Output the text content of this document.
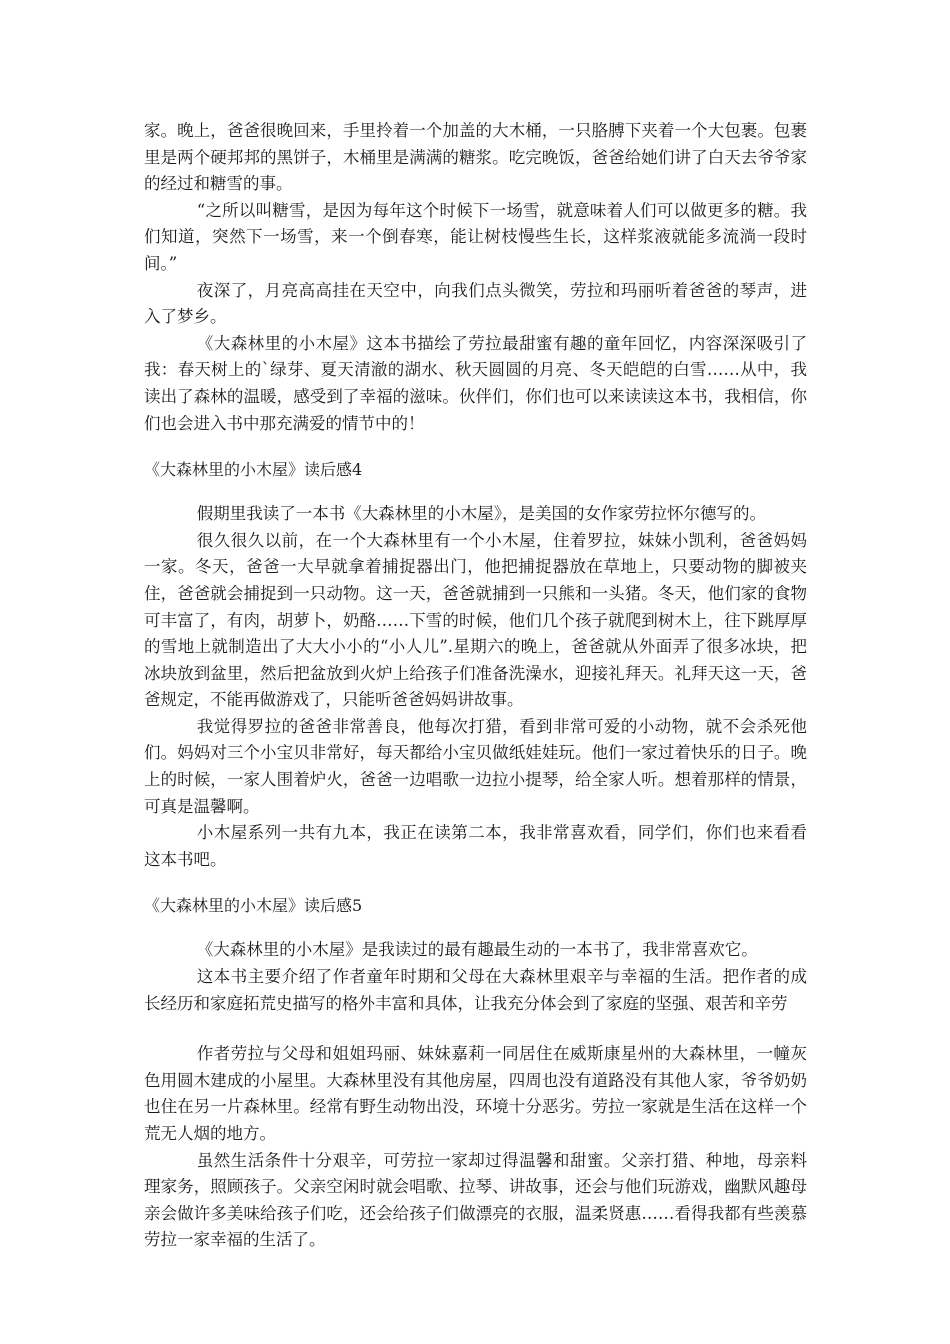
家。晚上，爸爸很晚回来，手里拎着一个加盖的大木桶，一只胳膊下夹着一个大包裹。包裹里是两个硬邦邦的黑饼子，木桶里是满满的糖浆。吃完晚饭，爸爸给她们讲了白天去爷爷家的经过和糖雪的事。

“之所以叫糖雪，是因为每年这个时候下一场雪，就意味着人们可以做更多的糖。我们知道，突然下一场雪，来一个倒春寒，能让树枝慢些生长，这样浆液就能多流淌一段时间。”

夜深了，月亮高高挂在天空中，向我们点头微笑，劳拉和玛丽听着爸爸的琴声，进入了梦乡。

《大森林里的小木屋》这本书描绘了劳拉最甜蜜有趣的童年回忆，内容深深吸引了我：春天树上的`绿芽、夏天清澈的湖水、秋天圆圆的月亮、冬天皑皑的白雪……从中，我读出了森林的温暖，感受到了幸福的滋味。伙伴们，你们也可以来读读这本书，我相信，你们也会进入书中那充满爱的情节中的！

《大森林里的小木屋》读后感4

假期里我读了一本书《大森林里的小木屋》，是美国的女作家劳拉怀尔德写的。

很久很久以前，在一个大森林里有一个小木屋，住着罗拉，妹妹小凯利，爸爸妈妈一家。冬天，爸爸一大早就拿着捕捉器出门，他把捕捉器放在草地上，只要动物的脚被夹住，爸爸就会捕捉到一只动物。这一天，爸爸就捕到一只熊和一头猪。冬天，他们家的食物可丰富了，有肉，胡萝卜，奶酪……下雪的时候，他们几个孩子就爬到树木上，往下跳厚厚的雪地上就制造出了大大小小的“小人儿”.星期六的晚上，爸爸就从外面弄了很多冰块，把冰块放到盆里，然后把盆放到火炉上给孩子们准备洗澡水，迎接礼拜天。礼拜天这一天，爸爸规定，不能再做游戏了，只能听爸爸妈妈讲故事。

我觉得罗拉的爸爸非常善良，他每次打猎，看到非常可爱的小动物，就不会杀死他们。妈妈对三个小宝贝非常好，每天都给小宝贝做纸娃娃玩。他们一家过着快乐的日子。晚上的时候，一家人围着炉火，爸爸一边唱歌一边拉小提琴，给全家人听。想着那样的情景，可真是温馨啊。

小木屋系列一共有九本，我正在读第二本，我非常喜欢看，同学们，你们也来看看这本书吧。

《大森林里的小木屋》读后感5

《大森林里的小木屋》是我读过的最有趣最生动的一本书了，我非常喜欢它。

这本书主要介绍了作者童年时期和父母在大森林里艰辛与幸福的生活。把作者的成长经历和家庭拓荒史描写的格外丰富和具体，让我充分体会到了家庭的坚强、艰苦和辛劳

作者劳拉与父母和姐姐玛丽、妹妹嘉莉一同居住在威斯康星州的大森林里，一幢灰色用圆木建成的小屋里。大森林里没有其他房屋，四周也没有道路没有其他人家，爷爷奶奶也住在另一片森林里。经常有野生动物出没，环境十分恶劣。劳拉一家就是生活在这样一个荒无人烟的地方。

虽然生活条件十分艰辛，可劳拉一家却过得温馨和甜蜜。父亲打猎、种地，母亲料理家务，照顾孩子。父亲空闲时就会唱歌、拉琴、讲故事，还会与他们玩游戏，幽默风趣母亲会做许多美味给孩子们吃，还会给孩子们做漂亮的衣服，温柔贤惠……看得我都有些羡慕劳拉一家幸福的生活了。
